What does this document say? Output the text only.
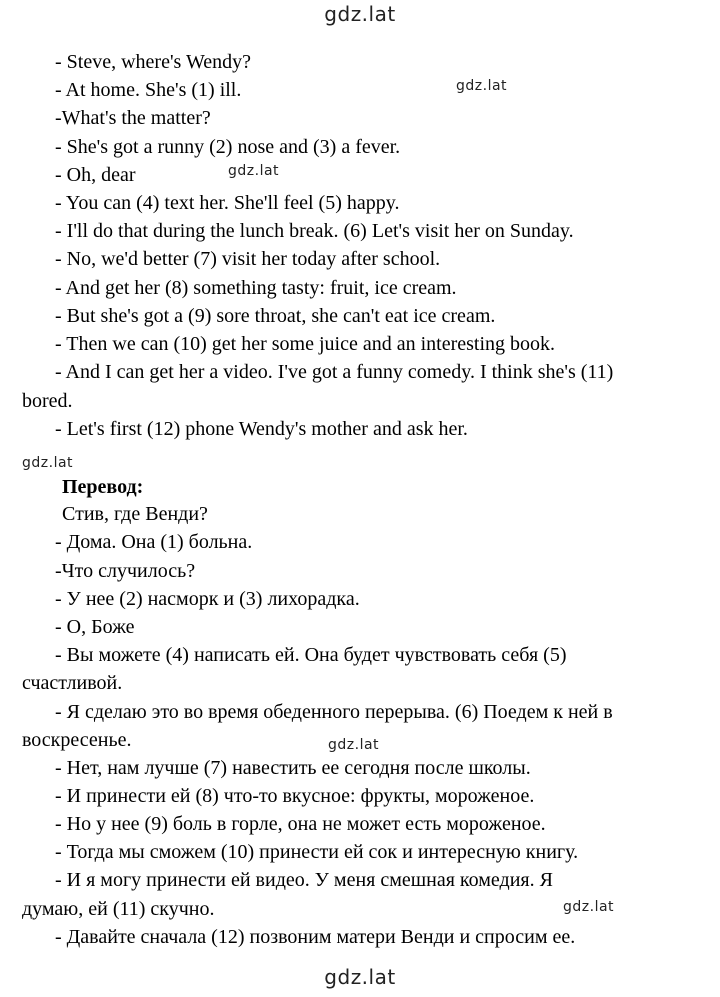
gdz.lat
- Steve, where's Wendy?
- At home. She's (1) ill.
-What's the matter?
- She's got a runny (2) nose and (3) a fever.
- Oh, dear
- You can (4) text her. She'll feel (5) happy.
- I'll do that during the lunch break. (6) Let's visit her on Sunday.
- No, we'd better (7) visit her today after school.
- And get her (8) something tasty: fruit, ice cream.
- But she's got a (9) sore throat, she can't eat ice cream.
- Then we can (10) get her some juice and an interesting book.
- And I can get her a video. I've got a funny comedy. I think she's (11)
bored.
- Let's first (12) phone Wendy's mother and ask her.
gdz.lat
gdz.lat
gdz.lat
Перевод:
Стив, где Венди?
- Дома. Она (1) больна.
-Что случилось?
- У нее (2) насморк и (3) лихорадка.
- О, Боже
- Вы можете (4) написать ей. Она будет чувствовать себя (5)
счастливой.
- Я сделаю это во время обеденного перерыва. (6) Поедем к ней в
воскресенье.
- Нет, нам лучше (7) навестить ее сегодня после школы.
- И принести ей (8) что-то вкусное: фрукты, мороженое.
- Но у нее (9) боль в горле, она не может есть мороженое.
- Тогда мы сможем (10) принести ей сок и интересную книгу.
- И я могу принести ей видео. У меня смешная комедия. Я
думаю, ей (11) скучно.
- Давайте сначала (12) позвоним матери Венди и спросим ее.
gdz.lat
gdz.lat
gdz.lat
